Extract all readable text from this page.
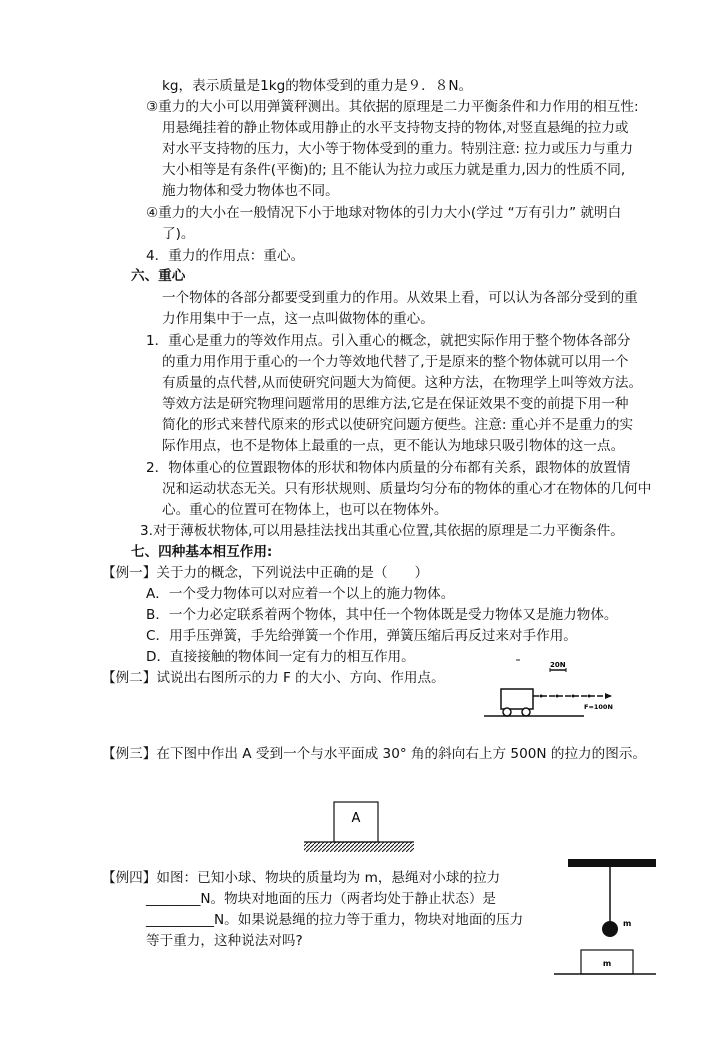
kg，表示质量是1kg的物体受到的重力是９．８N。
③重力的大小可以用弹簧秤测出。其依据的原理是二力平衡条件和力作用的相互性:
用悬绳挂着的静止物体或用静止的水平支持物支持的物体,对竖直悬绳的拉力或
对水平支持物的压力，大小等于物体受到的重力。特别注意: 拉力或压力与重力
大小相等是有条件(平衡)的; 且不能认为拉力或压力就是重力,因力的性质不同,
施力物体和受力物体也不同。
④重力的大小在一般情况下小于地球对物体的引力大小(学过 “万有引力” 就明白
了)。
4．重力的作用点：重心。
六、重心
一个物体的各部分都要受到重力的作用。从效果上看，可以认为各部分受到的重
力作用集中于一点，这一点叫做物体的重心。
1．重心是重力的等效作用点。引入重心的概念，就把实际作用于整个物体各部分
的重力用作用于重心的一个力等效地代替了,于是原来的整个物体就可以用一个
有质量的点代替,从而使研究问题大为简便。这种方法，在物理学上叫等效方法。
等效方法是研究物理问题常用的思维方法,它是在保证效果不变的前提下用一种
简化的形式来替代原来的形式以使研究问题方便些。注意: 重心并不是重力的实
际作用点，也不是物体上最重的一点，更不能认为地球只吸引物体的这一点。
2．物体重心的位置跟物体的形状和物体内质量的分布都有关系，跟物体的放置情
况和运动状态无关。只有形状规则、质量均匀分布的物体的重心才在物体的几何中
心。重心的位置可在物体上，也可以在物体外。
3.对于薄板状物体,可以用悬挂法找出其重心位置,其依据的原理是二力平衡条件。
七、四种基本相互作用:
【例一】关于力的概念，下列说法中正确的是（　　）
A．一个受力物体可以对应着一个以上的施力物体。
B．一个力必定联系着两个物体，其中任一个物体既是受力物体又是施力物体。
C．用手压弹簧，手先给弹簧一个作用，弹簧压缩后再反过来对手作用。
D．直接接触的物体间一定有力的相互作用。
【例二】试说出右图所示的力 F 的大小、方向、作用点。
20N
F=100N
【例三】在下图中作出 A 受到一个与水平面成 30° 角的斜向右上方 500N 的拉力的图示。
A
【例四】如图：已知小球、物块的质量均为 m，悬绳对小球的拉力
________N。物块对地面的压力（两者均处于静止状态）是
__________N。如果说悬绳的拉力等于重力，物块对地面的压力
等于重力，这种说法对吗?
m
m
